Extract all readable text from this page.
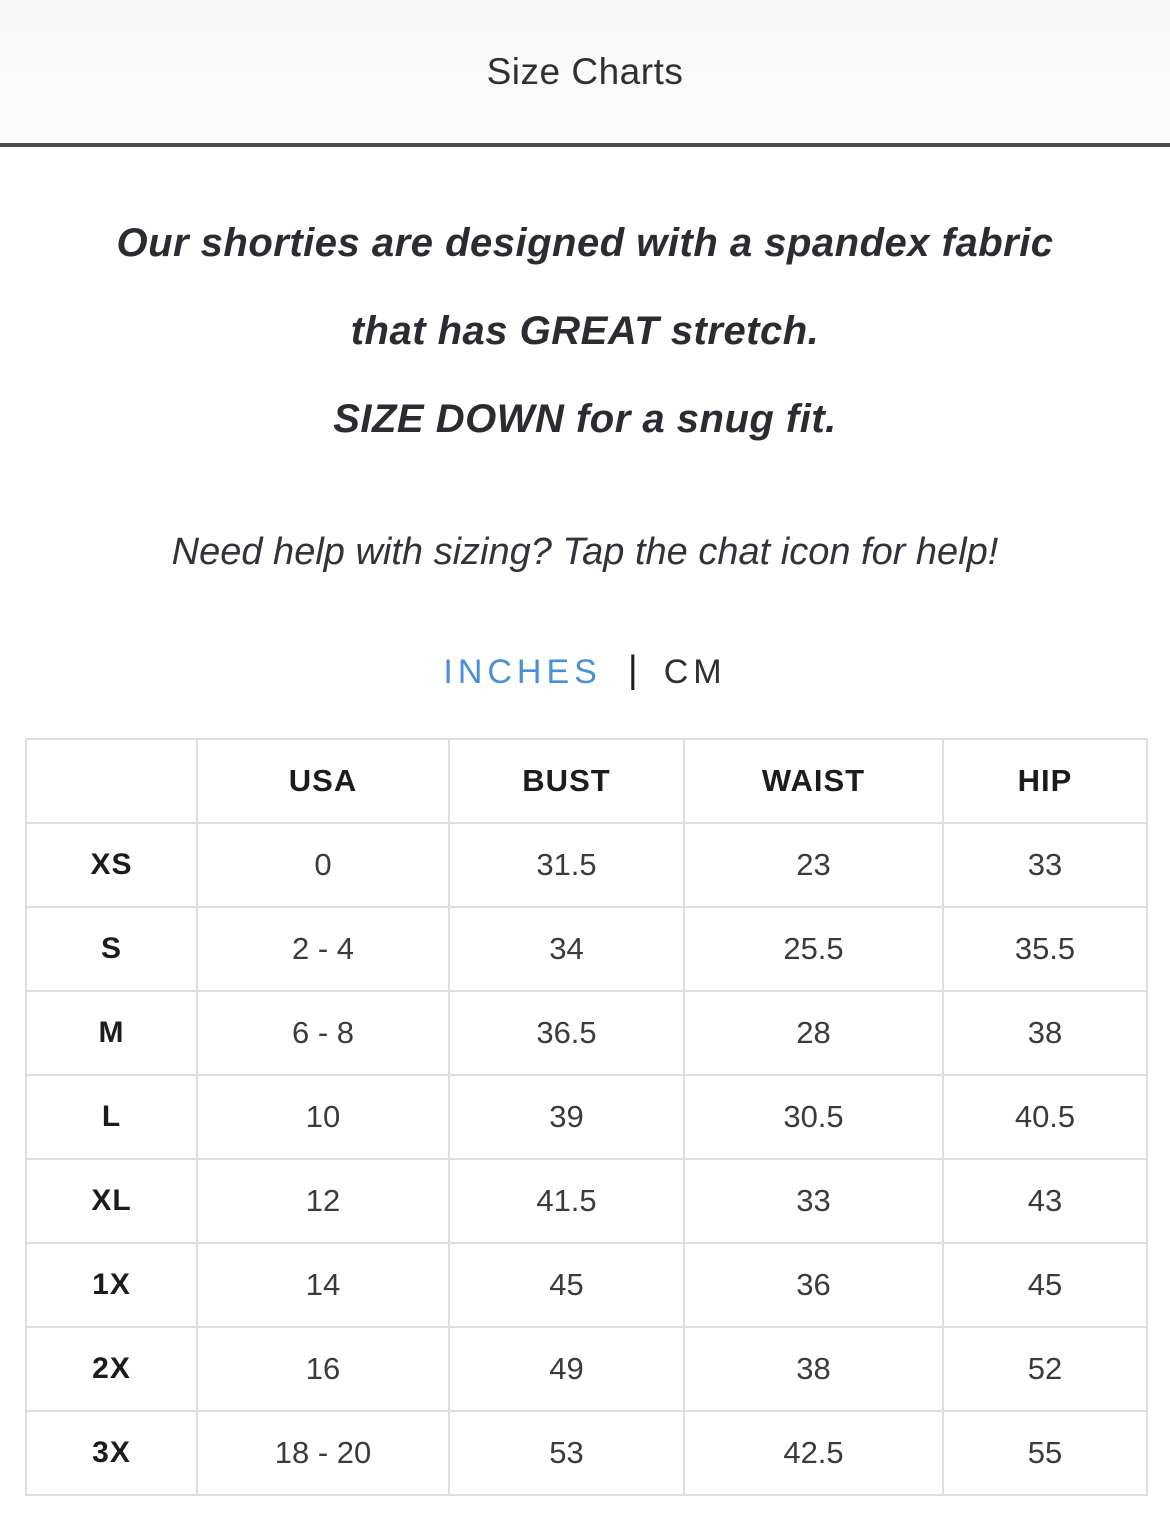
Size Charts

Our shorties are designed with a spandex fabric

that has GREAT stretch.

SIZE DOWN for a snug fit.

Need help with sizing? Tap the chat icon for help!

INCHES | CM
	USA	BUST	WAIST	HIP
XS	0	31.5	23	33
S	2 - 4	34	25.5	35.5
M	6 - 8	36.5	28	38
L	10	39	30.5	40.5
XL	12	41.5	33	43
1X	14	45	36	45
2X	16	49	38	52
3X	18 - 20	53	42.5	55
